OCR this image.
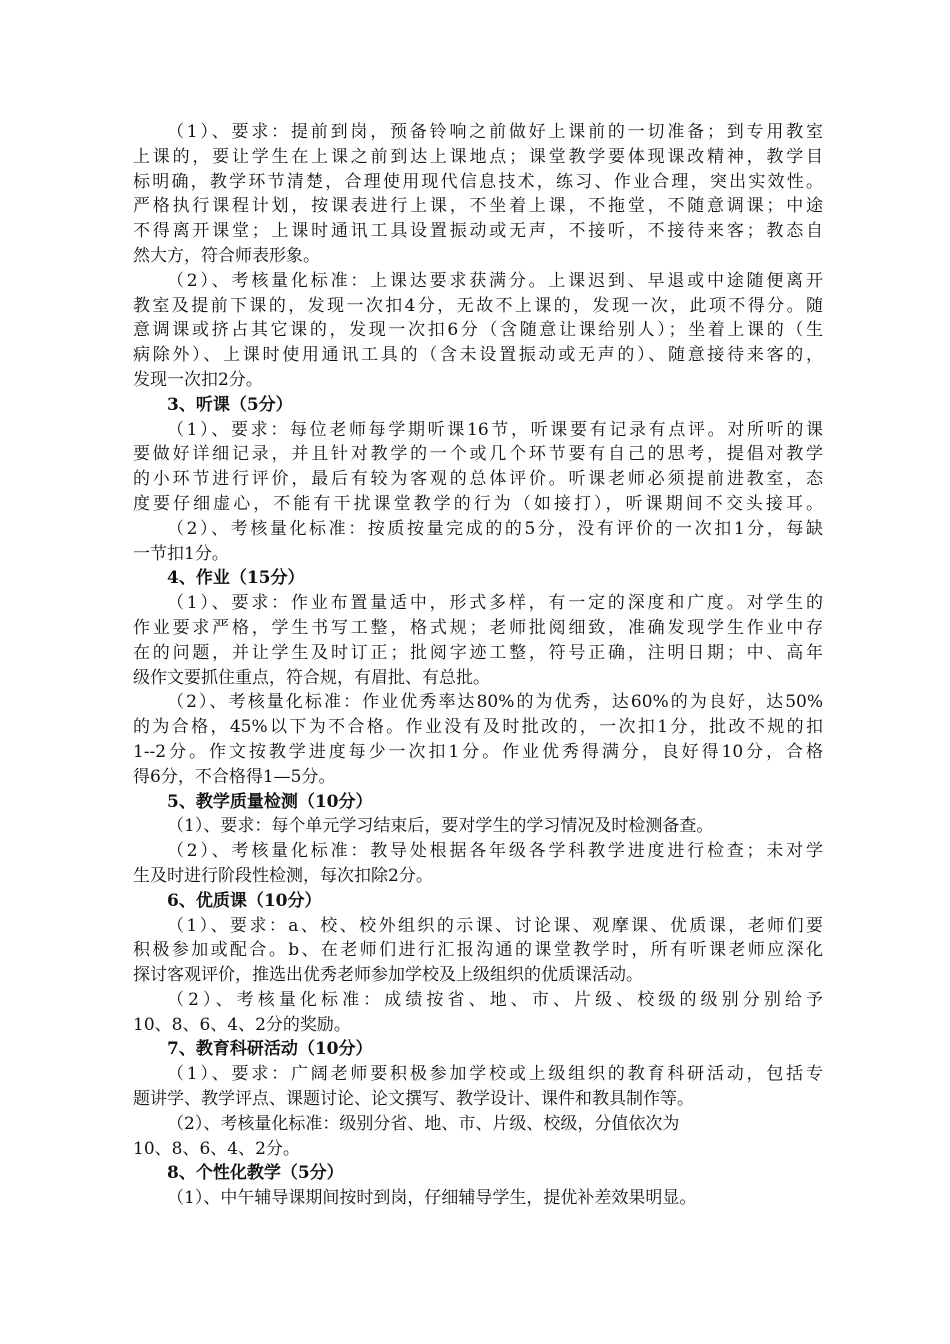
（1）、要求：提前到岗，预备铃响之前做好上课前的一切准备；到专用教室
上课的，要让学生在上课之前到达上课地点；课堂教学要体现课改精神，教学目
标明确，教学环节清楚，合理使用现代信息技术，练习、作业合理，突出实效性。
严格执行课程计划，按课表进行上课，不坐着上课，不拖堂，不随意调课；中途
不得离开课堂；上课时通讯工具设置振动或无声，不接听，不接待来客；教态自
然大方，符合师表形象。
（2）、考核量化标准：上课达要求获满分。上课迟到、早退或中途随便离开
教室及提前下课的，发现一次扣4分，无故不上课的，发现一次，此项不得分。随
意调课或挤占其它课的，发现一次扣6分（含随意让课给别人）；坐着上课的（生
病除外）、上课时使用通讯工具的（含未设置振动或无声的）、随意接待来客的，
发现一次扣2分。
3、听课（5分）
（1）、要求：每位老师每学期听课16节，听课要有记录有点评。对所听的课
要做好详细记录，并且针对教学的一个或几个环节要有自己的思考，提倡对教学
的小环节进行评价，最后有较为客观的总体评价。听课老师必须提前进教室，态
度要仔细虚心，不能有干扰课堂教学的行为（如接打），听课期间不交头接耳。
（2）、考核量化标准：按质按量完成的的5分，没有评价的一次扣1分，每缺
一节扣1分。
4、作业（15分）
（1）、要求：作业布置量适中，形式多样，有一定的深度和广度。对学生的
作业要求严格，学生书写工整，格式规；老师批阅细致，准确发现学生作业中存
在的问题，并让学生及时订正；批阅字迹工整，符号正确，注明日期；中、高年
级作文要抓住重点，符合规，有眉批、有总批。
（2）、考核量化标准：作业优秀率达80%的为优秀，达60%的为良好，达50%
的为合格，45%以下为不合格。作业没有及时批改的，一次扣1分，批改不规的扣
1--2分。作文按教学进度每少一次扣1分。作业优秀得满分，良好得10分，合格
得6分，不合格得1—5分。
5、教学质量检测（10分）
（1）、要求：每个单元学习结束后，要对学生的学习情况及时检测备查。
（2）、考核量化标准：教导处根据各年级各学科教学进度进行检查；未对学
生及时进行阶段性检测，每次扣除2分。
6、优质课（10分）
（1）、要求：a、校、校外组织的示课、讨论课、观摩课、优质课，老师们要
积极参加或配合。b、在老师们进行汇报沟通的课堂教学时，所有听课老师应深化
探讨客观评价，推选出优秀老师参加学校及上级组织的优质课活动。
（2）、考核量化标准：成绩按省、地、市、片级、校级的级别分别给予
10、8、6、4、2分的奖励。
7、教育科研活动（10分）
（1）、要求：广阔老师要积极参加学校或上级组织的教育科研活动，包括专
题讲学、教学评点、课题讨论、论文撰写、教学设计、课件和教具制作等。
（2）、考核量化标准：级别分省、地、市、片级、校级，分值依次为
10、8、6、4、2分。
8、个性化教学（5分）
（1）、中午辅导课期间按时到岗，仔细辅导学生，提优补差效果明显。
